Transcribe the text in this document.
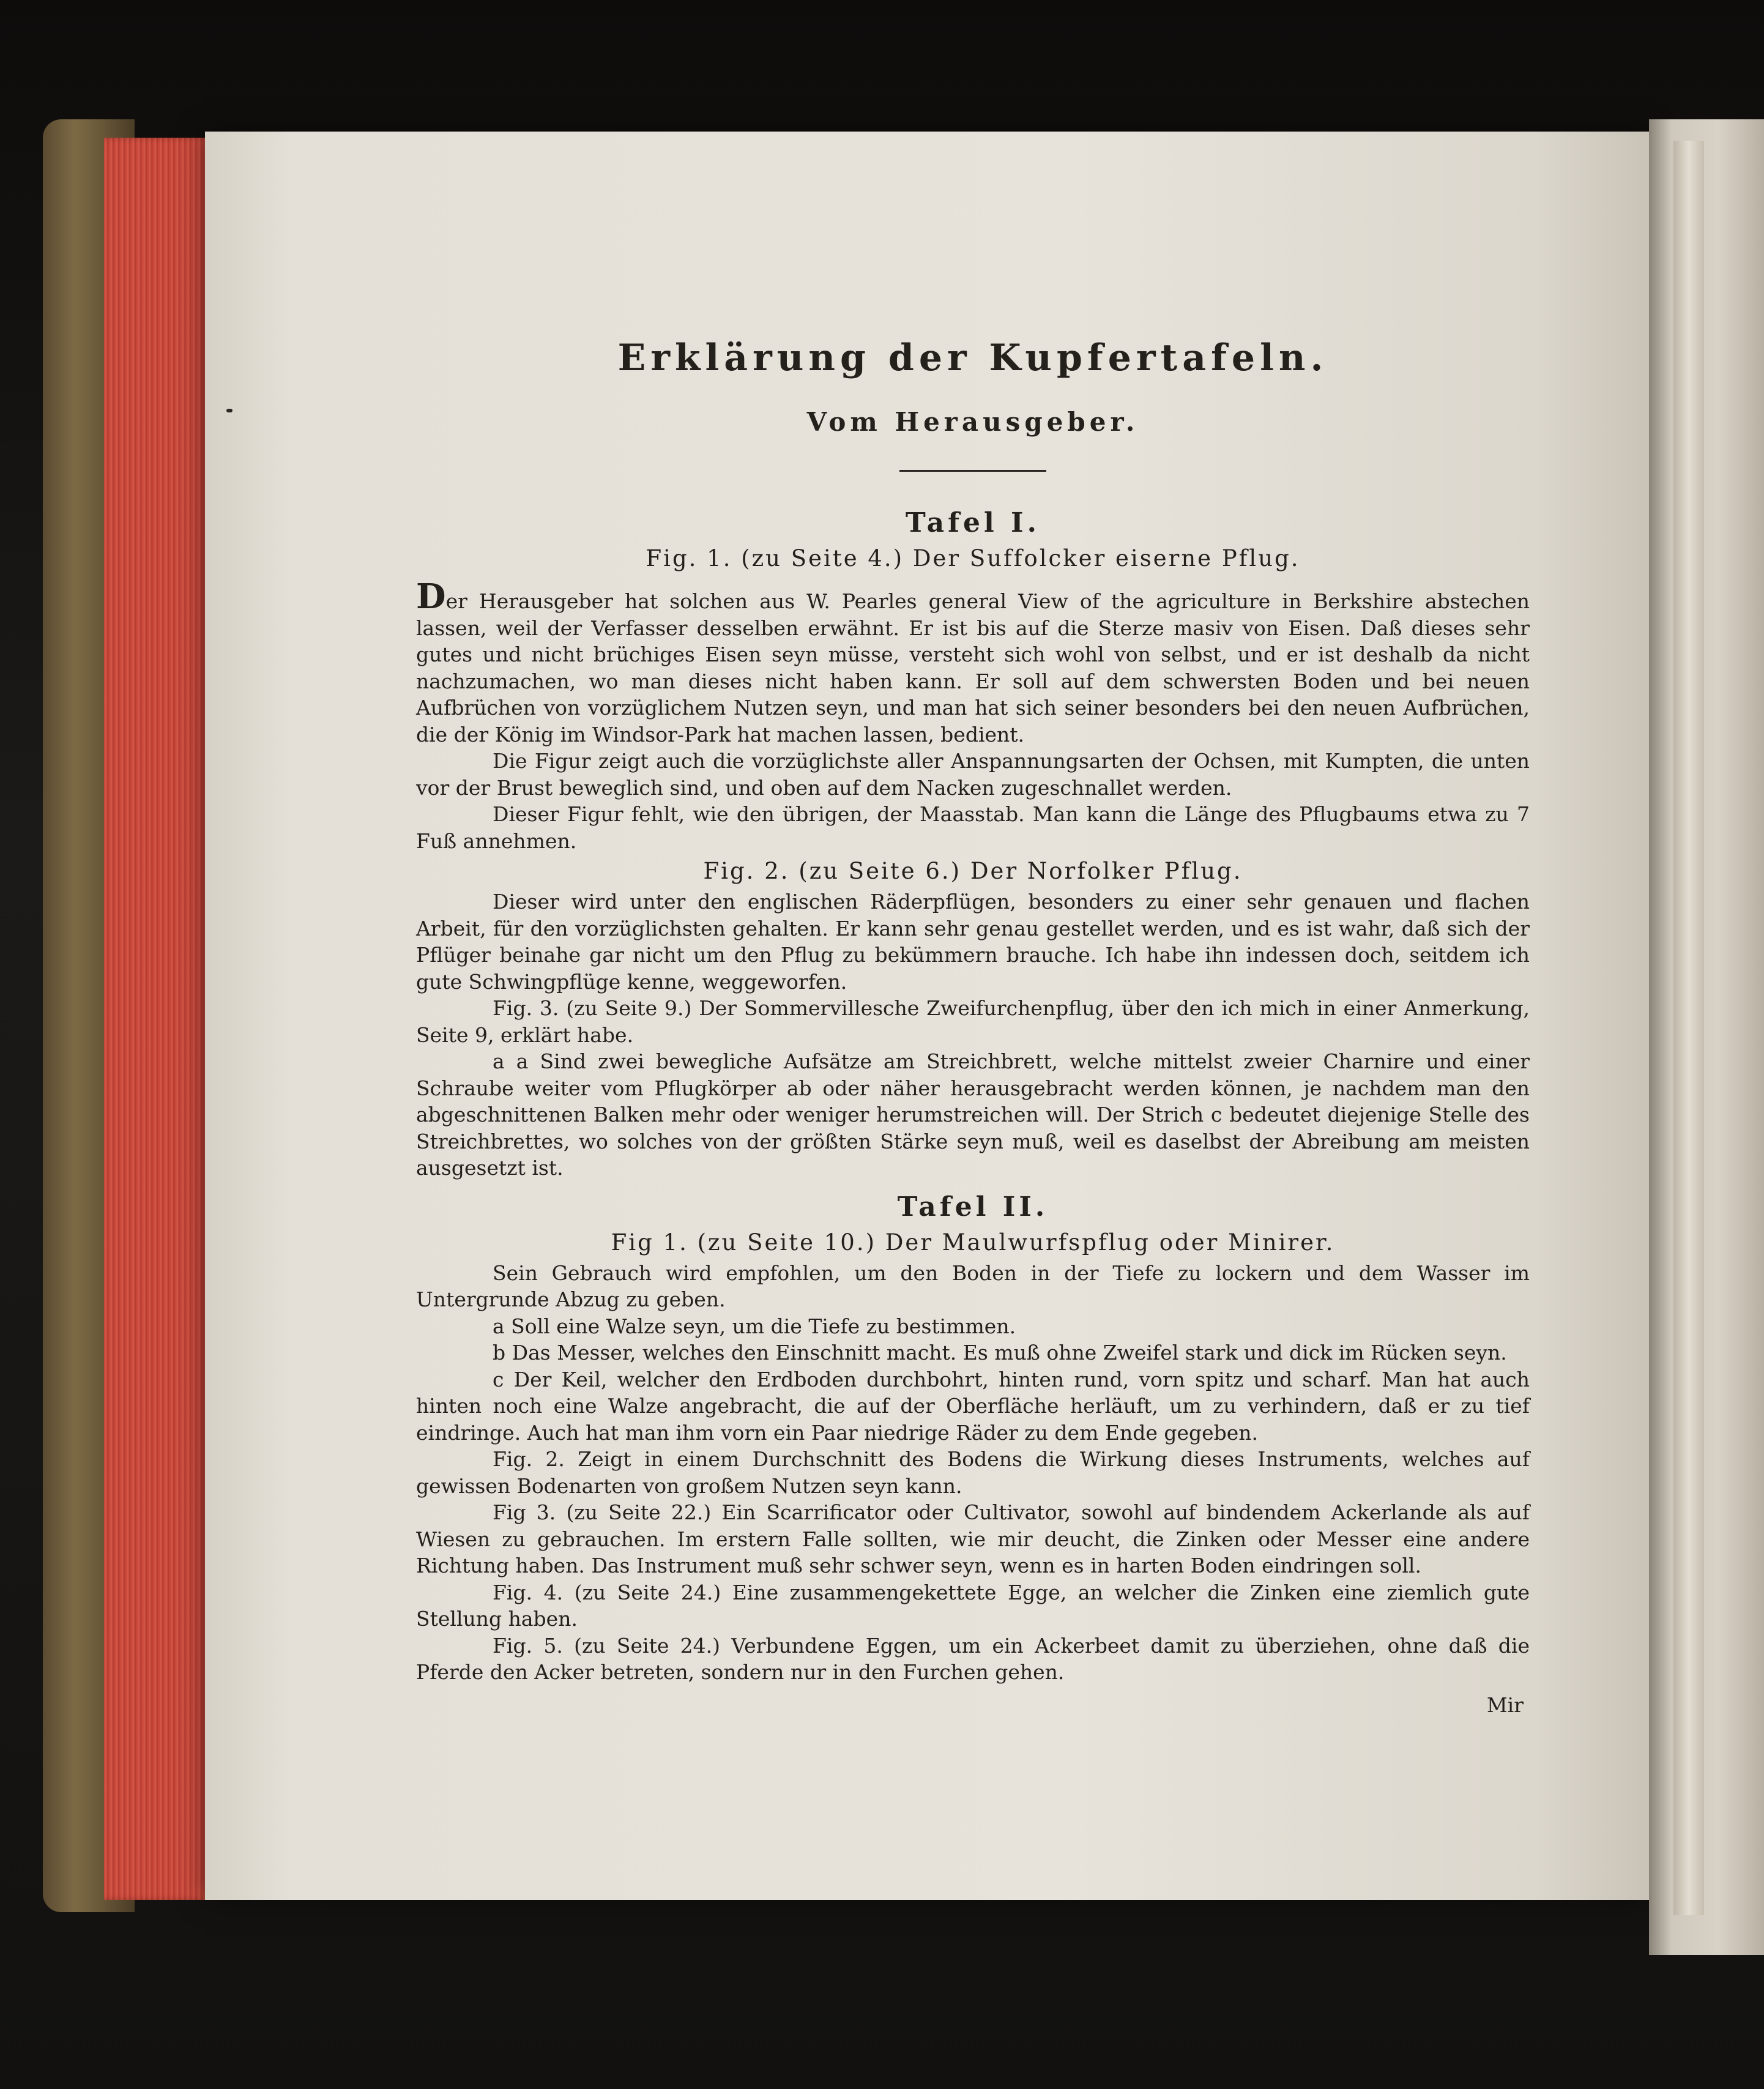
Erklärung der Kupfertafeln.
Vom Herausgeber.
Tafel I.
Fig. 1. (zu Seite 4.) Der Suffolcker eiserne Pflug.
Der Herausgeber hat solchen aus W. Pearles general View of the agriculture in Berkshire abstechen lassen, weil der Verfasser desselben erwähnt. Er ist bis auf die Sterze masiv von Eisen. Daß dieses sehr gutes und nicht brüchiges Eisen seyn müsse, versteht sich wohl von selbst, und er ist deshalb da nicht nachzumachen, wo man dieses nicht haben kann. Er soll auf dem schwersten Boden und bei neuen Aufbrüchen von vorzüglichem Nutzen seyn, und man hat sich seiner besonders bei den neuen Aufbrüchen, die der König im Windsor-Park hat machen lassen, bedient.
Die Figur zeigt auch die vorzüglichste aller Anspannungsarten der Ochsen, mit Kumpten, die unten vor der Brust beweglich sind, und oben auf dem Nacken zugeschnallet werden.
Dieser Figur fehlt, wie den übrigen, der Maasstab. Man kann die Länge des Pflugbaums etwa zu 7 Fuß annehmen.
Fig. 2. (zu Seite 6.) Der Norfolker Pflug.
Dieser wird unter den englischen Räderpflügen, besonders zu einer sehr genauen und flachen Arbeit, für den vorzüglichsten gehalten. Er kann sehr genau gestellet werden, und es ist wahr, daß sich der Pflüger beinahe gar nicht um den Pflug zu bekümmern brauche. Ich habe ihn indessen doch, seitdem ich gute Schwingpflüge kenne, weggeworfen.
Fig. 3. (zu Seite 9.) Der Sommervillesche Zweifurchenpflug, über den ich mich in einer Anmerkung, Seite 9, erklärt habe.
a a Sind zwei bewegliche Aufsätze am Streichbrett, welche mittelst zweier Charnire und einer Schraube weiter vom Pflugkörper ab oder näher herausgebracht werden können, je nachdem man den abgeschnittenen Balken mehr oder weniger herumstreichen will. Der Strich c bedeutet diejenige Stelle des Streichbrettes, wo solches von der größten Stärke seyn muß, weil es daselbst der Abreibung am meisten ausgesetzt ist.
Tafel II.
Fig 1. (zu Seite 10.) Der Maulwurfspflug oder Minirer.
Sein Gebrauch wird empfohlen, um den Boden in der Tiefe zu lockern und dem Wasser im Untergrunde Abzug zu geben.
a Soll eine Walze seyn, um die Tiefe zu bestimmen.
b Das Messer, welches den Einschnitt macht. Es muß ohne Zweifel stark und dick im Rücken seyn.
c Der Keil, welcher den Erdboden durchbohrt, hinten rund, vorn spitz und scharf. Man hat auch hinten noch eine Walze angebracht, die auf der Oberfläche herläuft, um zu verhindern, daß er zu tief eindringe. Auch hat man ihm vorn ein Paar niedrige Räder zu dem Ende gegeben.
Fig. 2. Zeigt in einem Durchschnitt des Bodens die Wirkung dieses Instruments, welches auf gewissen Bodenarten von großem Nutzen seyn kann.
Fig 3. (zu Seite 22.) Ein Scarrificator oder Cultivator, sowohl auf bindendem Ackerlande als auf Wiesen zu gebrauchen. Im erstern Falle sollten, wie mir deucht, die Zinken oder Messer eine andere Richtung haben. Das Instrument muß sehr schwer seyn, wenn es in harten Boden eindringen soll.
Fig. 4. (zu Seite 24.) Eine zusammengekettete Egge, an welcher die Zinken eine ziemlich gute Stellung haben.
Fig. 5. (zu Seite 24.) Verbundene Eggen, um ein Ackerbeet damit zu überziehen, ohne daß die Pferde den Acker betreten, sondern nur in den Furchen gehen.
Mir
